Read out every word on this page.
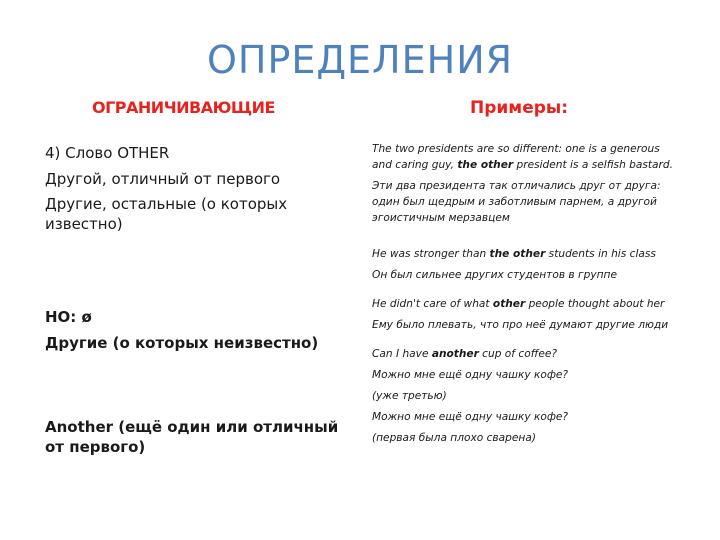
ОПРЕДЕЛЕНИЯ
ОГРАНИЧИВАЮЩИЕ	Примеры:

4) Слово OTHER

Другой, отличный от первого

Другие, остальные (о которых известно)

НО: ø

Другие (о которых неизвестно)

Another (ещё один или отличный от первого)

The two presidents are so different: one is a generous and caring guy, the other president is a selfish bastard.

Эти два президента так отличались друг от друга: один был щедрым и заботливым парнем, а другой эгоистичным мерзавцем

He was stronger than the other students in his class

Он был сильнее других студентов в группе

He didn't care of what other people thought about her

Ему было плевать, что про неё думают другие люди

Can I have another cup of coffee?

Можно мне ещё одну чашку кофе?

(уже третью)

Можно мне ещё одну чашку кофе?

(первая была плохо сварена)
